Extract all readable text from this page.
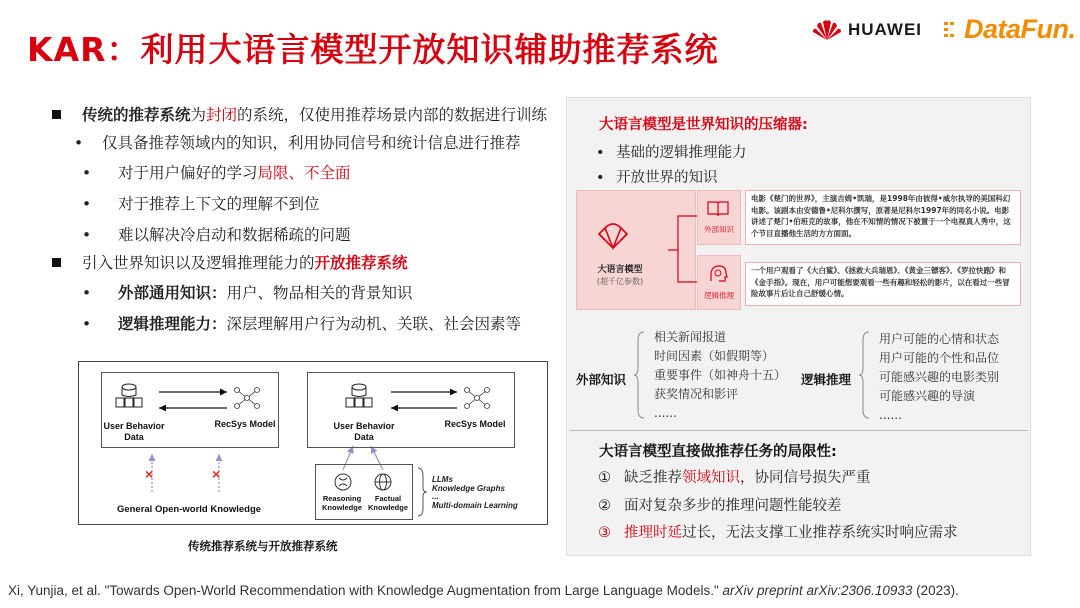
KAR：利用大语言模型开放知识辅助推荐系统
HUAWEI DataFun.
传统的推荐系统为封闭的系统，仅使用推荐场景内部的数据进行训练
• 仅具备推荐领域内的知识，利用协同信号和统计信息进行推荐
• 对于用户偏好的学习局限、不全面
• 对于推荐上下文的理解不到位
• 难以解决冷启动和数据稀疏的问题
引入世界知识以及逻辑推理能力的开放推荐系统
• 外部通用知识：用户、物品相关的背景知识
• 逻辑推理能力：深层理解用户行为动机、关联、社会因素等
User Behavior Data
RecSys Model
×	×
General Open-world Knowledge
User Behavior Data
RecSys Model
Reasoning Knowledge
Factual Knowledge
LLMs
Knowledge Graphs
...
Multi-domain Learning
传统推荐系统与开放推荐系统
大语言模型是世界知识的压缩器:
• 基础的逻辑推理能力
• 开放世界的知识
大语言模型
(超千亿参数)
外部知识
电影《楚门的世界》，主演吉姆•凯瑞，是1998年由彼得•威尔执导的美国科幻电影。该剧本由安德鲁•尼科尔撰写，原著是尼科尔1997年的同名小说。电影讲述了楚门•伯班克的故事，他在不知情的情况下被置于一个电视真人秀中，这个节目直播他生活的方方面面。
逻辑推理
一个用户观看了《大白鲨》、《拯救大兵瑞恩》、《黄金三镖客》、《罗拉快跑》和《金手指》。现在，用户可能想要观看一些有趣和轻松的影片，以在看过一些冒险故事片后让自己舒缓心情。
外部知识
相关新闻报道
时间因素（如假期等）
重要事件（如神舟十五）
获奖情况和影评
......
逻辑推理
用户可能的心情和状态
用户可能的个性和品位
可能感兴趣的电影类别
可能感兴趣的导演
......
大语言模型直接做推荐任务的局限性:
① 缺乏推荐领域知识，协同信号损失严重
② 面对复杂多步的推理问题性能较差
③ 推理时延过长，无法支撑工业推荐系统实时响应需求
Xi, Yunjia, et al. "Towards Open-World Recommendation with Knowledge Augmentation from Large Language Models." arXiv preprint arXiv:2306.10933 (2023).
